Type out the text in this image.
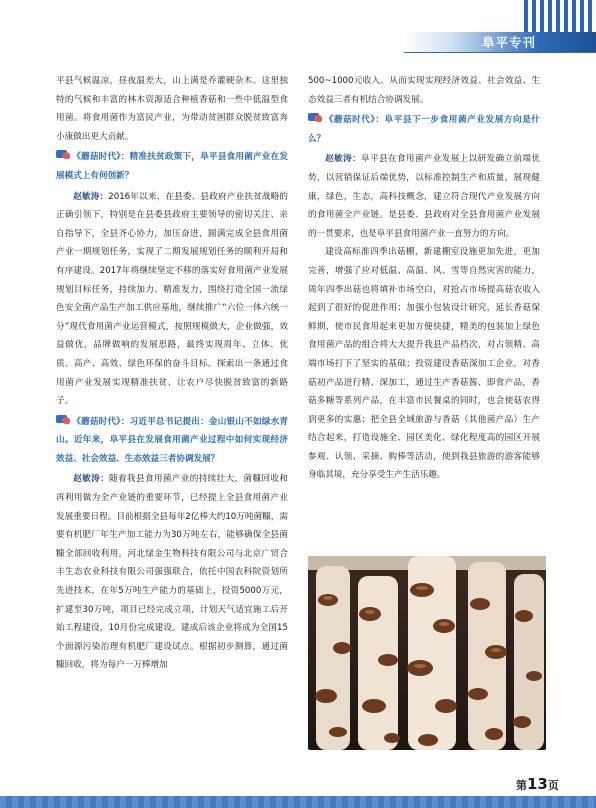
阜平专刊

平县气候温凉，昼夜温差大，山上满是乔灌硬杂木。这里独特的气候和丰富的林木资源适合种植香菇和一些中低温型食用菌。将食用菌作为富民产业，为带动贫困群众脱贫致富奔小康做出更大贡献。

《蘑菇时代》：精准扶贫政策下，阜平县食用菌产业在发展模式上有何创新？

赵敏涛：2016年以来，在县委、县政府产业扶贫战略的正确引领下，特别是在县委县政府主要领导的密切关注、亲自指导下，全县齐心协力，加压奋进，圆满完成全县食用菌产业一期规划任务，实现了二期发展规划任务的顺利开局和有序建设。2017年将继续坚定不移的落实好食用菌产业发展规划目标任务，持续加力、精准发力，围绕打造全国一流绿色安全菌产品生产加工供应基地，继续推广“六位一体六统一分”现代食用菌产业运营模式，按照规模做大，企业做强，效益做优，品牌做响的发展思路，最终实现周年、立体、优质、高产、高效、绿色环保的奋斗目标。探索出一条通过食用菌产业发展实现精准扶贫、让农户尽快脱贫致富的新路子。

《蘑菇时代》：习近平总书记提出：金山银山不如绿水青山。近年来，阜平县在发展食用菌产业过程中如何实现经济效益、社会效益、生态效益三者协调发展？

赵敏涛：随着我县食用菌产业的持续壮大，菌糠回收和再利用做为全产业链的重要环节，已经提上全县食用菌产业发展重要日程。目前根据全县每年2亿棒大约10万吨菌糠，需要有机肥厂年生产加工能力为30万吨左右，能够确保全县菌糠全部回收利用。河北绿金生物科技有限公司与北京广贸合丰生态农业科技有限公司强强联合，依托中国农科院资划所先进技术，在年5万吨生产能力的基础上，投资5000万元，扩建至30万吨，项目已经完成立项，计划天气适宜施工后开始工程建设，10月份完成建设。建成后该企业将成为全国15个面源污染治理有机肥厂建设试点。根据初步测算，通过菌糠回收，将为每户一万棒增加

500~1000元收入。从而实现实现经济效益、社会效益、生态效益三者有机结合协调发展。

《蘑菇时代》：阜平县下一步食用菌产业发展方向是什么？

赵敏涛：阜平县在食用菌产业发展上以研发确立前端优势，以营销保证后端优势，以标准控制生产和质量，展现健康，绿色，生态，高科技概念，建立符合现代产业发展方向的食用菌全产业链。是县委、县政府对全县食用菌产业发展的一贯要求，也是阜平县食用菌产业一直努力的方向。

建设高标准四季出菇棚，新建棚室设施更加先进，更加完善，增强了应对低温、高温、风、雪等自然灾害的能力，周年四季出菇也将填补市场空白，对抢占市场提高菇农收入起到了很好的促进作用；加强小包装设计研究，延长香菇保鲜期，使市民食用起来更加方便快捷，精美的包装加上绿色食用菌产品的组合将大大提升我县产品档次，对占领精、高端市场打下了坚实的基础；投资建设香菇深加工企业，对香菇初产品进行精、深加工，通过生产香菇酱、即食产品，香菇多糖等系列产品，在丰富市民餐桌的同时，也会使菇农得到更多的实惠；把全县全域旅游与香菇（其他菌产品）生产结合起来，打造设施全、园区美化、绿化程度高的园区开展参观、认领、采摘、购棒等活动，使到我县旅游的游客能够身临其境，充分享受生产生活乐趣。

第13页
